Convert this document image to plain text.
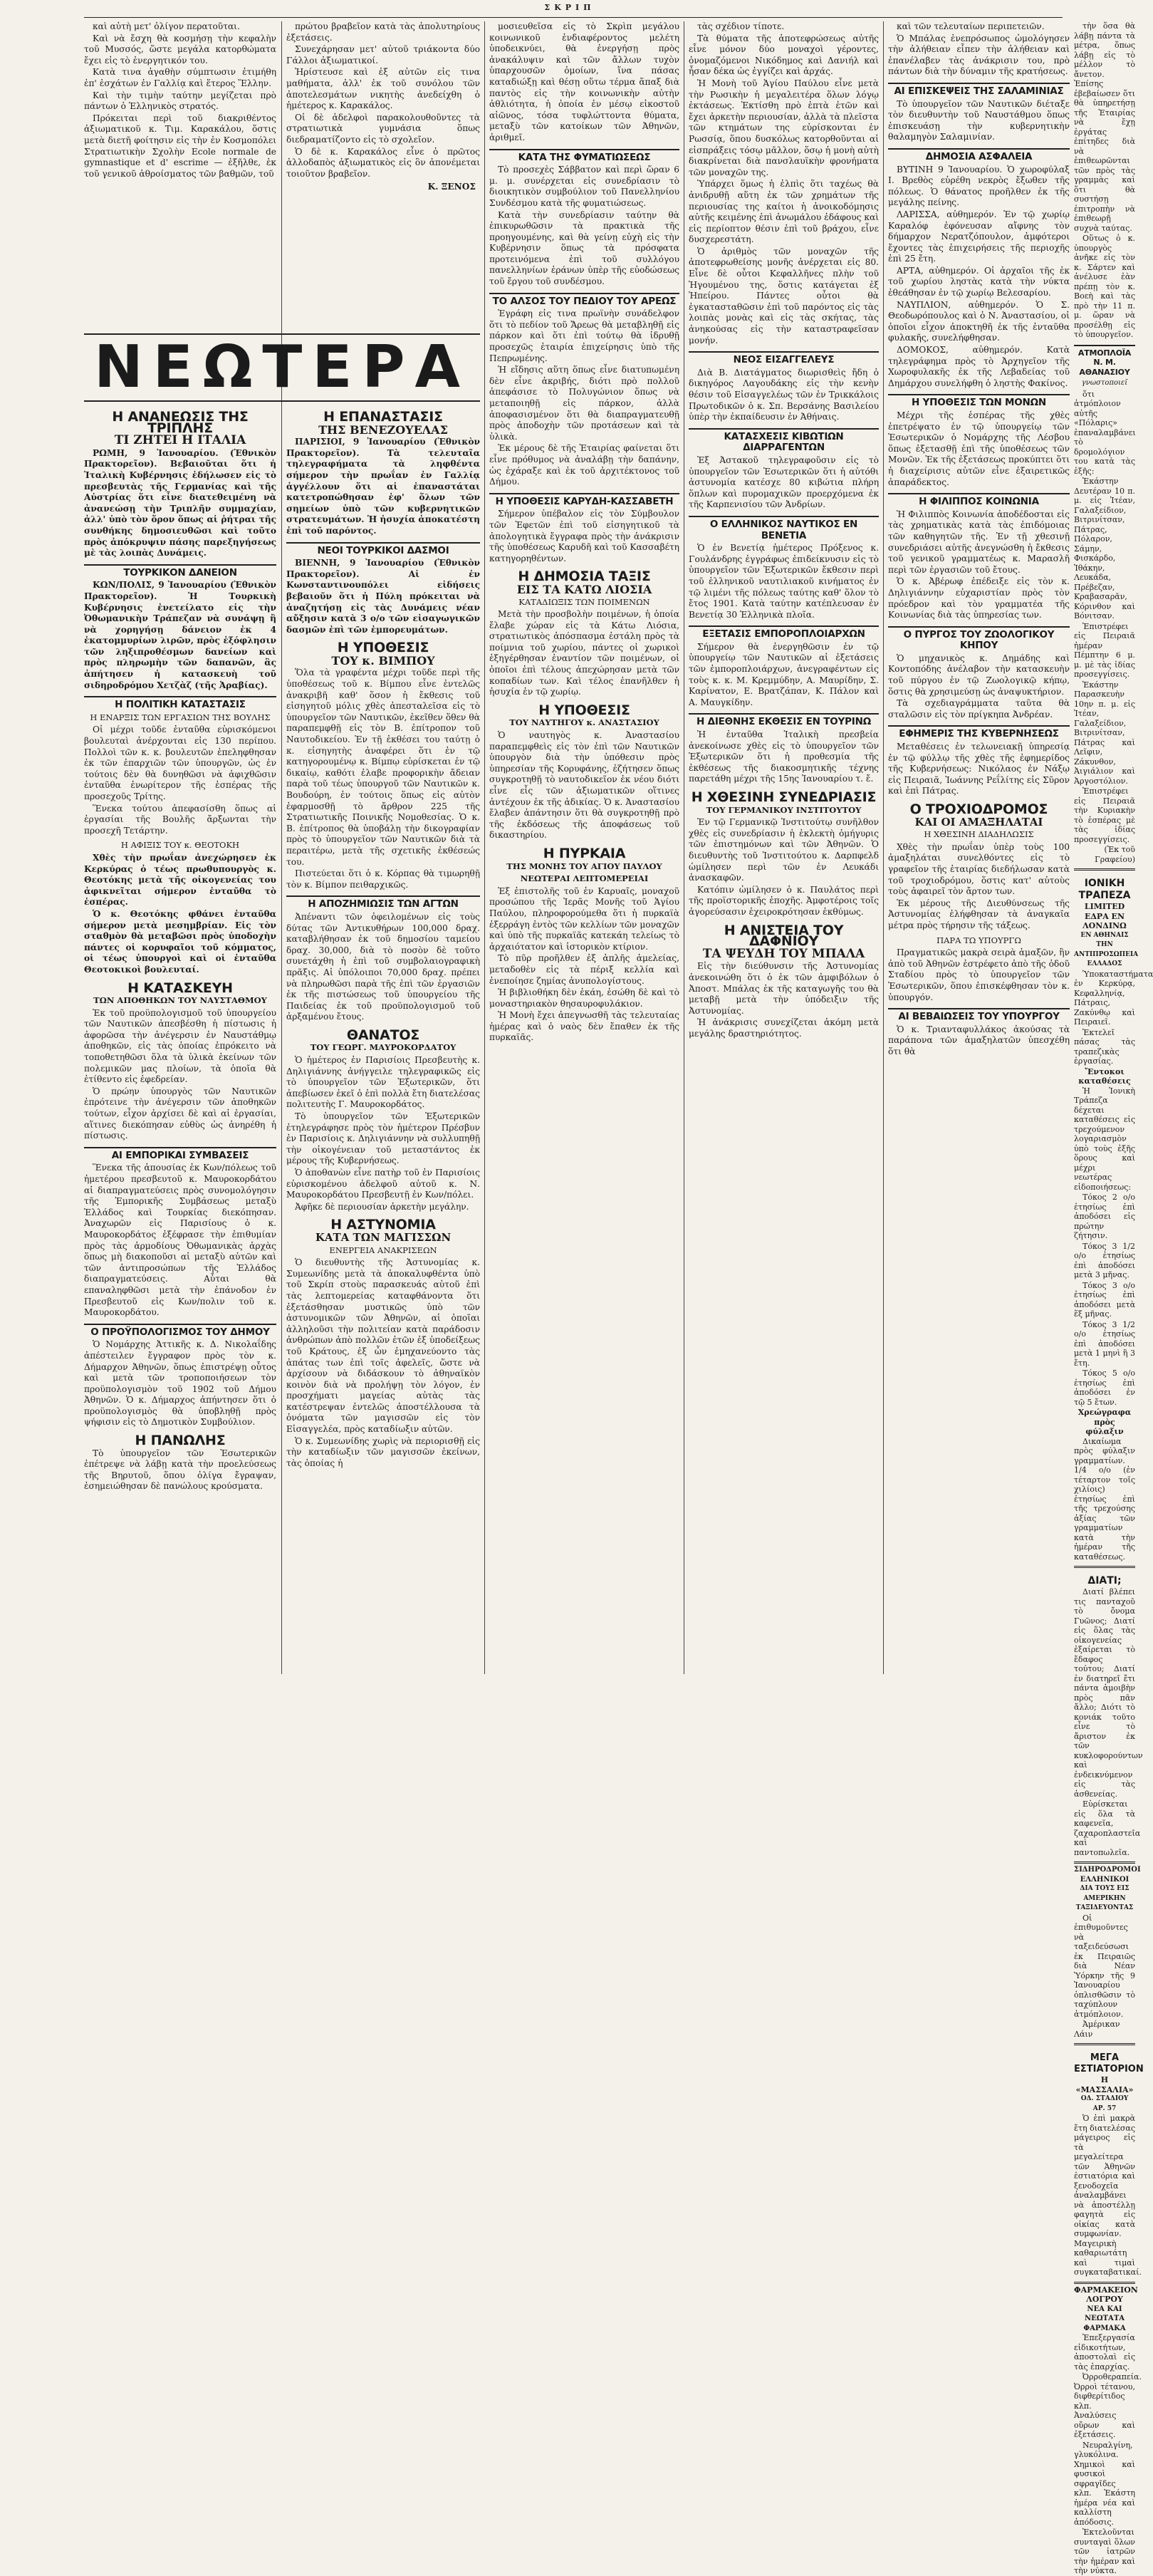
ΣΚΡΙΠ

καὶ αὐτὴ μετ' ὀλίγον περατοῦται.

Καὶ νὰ ἔσχη θὰ κοσμήσῃ τὴν κεφαλὴν τοῦ Μυσσός, ὥστε μεγάλα κατορθώματα ἔχει εἰς τὸ ἐνεργητικόν του.

Κατὰ τινα ἀγαθὴν σύμπτωσιν ἐτιμήθη ἐπ' ἐσχάτων ἐν Γαλλίᾳ καὶ ἕτερος Ἕλλην.

Καὶ τὴν τιμὴν ταύτην μεγίζεται πρὸ πάντων ὁ Ἑλληνικὸς στρατός.

Πρόκειται περὶ τοῦ διακριθέντος ἀξιωματικοῦ κ. Τιμ. Καρακάλου, ὅστις μετὰ διετῆ φοίτησιν εἰς τὴν ἐν Κοσμοπόλει Στρατιωτικὴν Σχολὴν Ecole normale de gymnastique et d' escrime — ἐξῆλθε, ἐκ τοῦ γενικοῦ ἀθροίσματος τῶν βαθμῶν, τοῦ

πρώτου βραβεῖον κατὰ τὰς ἀπολυτηρίους ἐξετάσεις.

Συνεχάρησαν μετ' αὐτοῦ τριάκοντα δύο Γάλλοι ἀξιωματικοί.

Ἠρίστευσε καὶ ἐξ αὐτῶν εἰς τινα μαθήματα, ἀλλ' ἐκ τοῦ συνόλου τῶν ἀποτελεσμάτων νικητὴς ἀνεδείχθη ὁ ἡμέτερος κ. Καρακάλος.

Οἱ δὲ ἀδελφοὶ παρακολουθοῦντες τὰ στρατιωτικὰ γυμνάσια ὅπως διεδραματίζοντο εἰς τὸ σχολεῖον.

Ὁ δὲ κ. Καρακάλος εἶνε ὁ πρῶτος ἀλλοδαπὸς ἀξιωματικὸς εἰς ὃν ἀπονέμεται τοιοῦτον βραβεῖον.

Κ. ΞΕΝΟΣ
ΝΕΩΤΕΡΑ
Η ΑΝΑΝΕΩΣΙΣ ΤΗΣ ΤΡΙΠΛΗΣ
ΤΙ ΖΗΤΕΙ Η ΙΤΑΛΙΑ

ΡΩΜΗ, 9 Ἰανουαρίου. (Ἐθνικὸν Πρακτορεῖον). Βεβαιοῦται ὅτι ἡ Ἰταλικὴ Κυβέρνησις ἐδήλωσεν εἰς τὸ πρεσβευτὰς τῆς Γερμανίας καὶ τῆς Αὐστρίας ὅτι εἶνε διατεθειμένη νὰ ἀνανεώσῃ τὴν Τριπλῆν συμμαχίαν, ἀλλ' ὑπὸ τὸν ὅρον ὅπως αἱ ῥήτραι τῆς συνθήκης δημοσιευθῶσι καὶ τοῦτο πρὸς ἀπόκρυψιν πάσης παρεξηγήσεως μὲ τὰς λοιπὰς Δυνάμεις.

ΤΟΥΡΚΙΚΟΝ ΔΑΝΕΙΟΝ

ΚΩΝ/ΠΟΛΙΣ, 9 Ἰανουαρίου (Ἐθνικὸν Πρακτορεῖον). Ἡ Τουρκικὴ Κυβέρνησις ἐνετείλατο εἰς τὴν Ὀθωμανικὴν Τράπεζαν νὰ συνάψῃ ἢ νὰ χορηγήσῃ δάνειον ἐκ 4 ἑκατομμυρίων λιρῶν, πρὸς ἐξόφλησιν τῶν ληξιπροθέσμων δανείων καὶ πρὸς πληρωμὴν τῶν δαπανῶν, ἃς ἀπήτησεν ἡ κατασκευὴ τοῦ σιδηροδρόμου Χετζὰζ (τῆς Ἀραβίας).

Η ΠΟΛΙΤΙΚΗ ΚΑΤΑΣΤΑΣΙΣ
Η ΕΝΑΡΞΙΣ ΤΩΝ ΕΡΓΑΣΙΩΝ ΤΗΣ ΒΟΥΛΗΣ

Οἱ μέχρι τοῦδε ἐνταῦθα εὑρισκόμενοι βουλευταὶ ἀνέρχονται εἰς 130 περίπου. Πολλοὶ τῶν κ. κ. βουλευτῶν ἐπεληφθησαν ἐκ τῶν ἐπαρχιῶν τῶν ὑπουργῶν, ὡς ἐν τούτοις δὲν θὰ δυνηθῶσι νὰ ἀφιχθῶσιν ἐνταῦθα ἐνωρίτερον τῆς ἑσπέρας τῆς προσεχοῦς Τρίτης.

Ἕνεκα τούτου ἀπεφασίσθη ὅπως αἱ ἐργασίαι τῆς Βουλῆς ἄρξωνται τὴν προσεχῆ Τετάρτην.

Η ΑΦΙΞΙΣ ΤΟΥ κ. ΘΕΟΤΟΚΗ

Χθὲς τὴν πρωΐαν ἀνεχώρησεν ἐκ Κερκύρας ὁ τέως πρωθυπουργὸς κ. Θεοτόκης μετὰ τῆς οἰκογενείας του ἀφικνεῖται σήμερον ἐνταῦθα τὸ ἑσπέρας.

Ὁ κ. Θεοτόκης φθάνει ἐνταῦθα σήμερον μετὰ μεσημβρίαν. Εἰς τὸν σταθμὸν θὰ μεταβῶσι πρὸς ὑποδοχὴν πάντες οἱ κορυφαῖοι τοῦ κόμματος, οἱ τέως ὑπουργοὶ καὶ οἱ ἐνταῦθα Θεοτοκικοὶ βουλευταί.

Η ΚΑΤΑΣΚΕΥΗ
ΤΩΝ ΑΠΟΘΗΚΩΝ ΤΟΥ ΝΑΥΣΤΑΘΜΟΥ

Ἐκ τοῦ προϋπολογισμοῦ τοῦ ὑπουργείου τῶν Ναυτικῶν ἀπεσβέσθη ἡ πίστωσις ἡ ἀφορῶσα τὴν ἀνέγερσιν ἐν Ναυστάθμῳ ἀποθηκῶν, εἰς τὰς ὁποίας ἐπρόκειτο νὰ τοποθετηθῶσι ὅλα τὰ ὑλικὰ ἐκείνων τῶν πολεμικῶν μας πλοίων, τὰ ὁποῖα θὰ ἐτίθεντο εἰς ἐφεδρείαν.

Ὁ πρώην ὑπουργὸς τῶν Ναυτικῶν ἐπρότεινε τὴν ἀνέγερσιν τῶν ἀποθηκῶν τούτων, εἶχον ἀρχίσει δὲ καὶ αἱ ἐργασίαι, αἵτινες διεκόπησαν εὐθὺς ὡς ἀνηρέθη ἡ πίστωσις.

ΑΙ ΕΜΠΟΡΙΚΑΙ ΣΥΜΒΑΣΕΙΣ

Ἕνεκα τῆς ἀπουσίας ἐκ Κων/πόλεως τοῦ ἡμετέρου πρεσβευτοῦ κ. Μαυροκορδάτου αἱ διαπραγματεύσεις πρὸς συνομολόγησιν τῆς Ἐμπορικῆς Συμβάσεως μεταξὺ Ἑλλάδος καὶ Τουρκίας διεκόπησαν. Ἀναχωρῶν εἰς Παρισίους ὁ κ. Μαυροκορδάτος ἐξέφρασε τὴν ἐπιθυμίαν πρὸς τὰς ἁρμοδίους Ὀθωμανικὰς ἀρχὰς ὅπως μὴ διακοποῦσι αἱ μεταξὺ αὐτῶν καὶ τῶν ἀντιπροσώπων τῆς Ἑλλάδος διαπραγματεύσεις. Αὗται θὰ επαναληφθῶσι μετὰ τὴν ἐπάνοδον ἐν Πρεσβευτοῦ εἰς Κων/πολιν τοῦ κ. Μαυροκορδάτου.

Ο ΠΡΟΫΠΟΛΟΓΙΣΜΟΣ ΤΟΥ ΔΗΜΟΥ

Ὁ Νομάρχης Ἀττικῆς κ. Δ. Νικολαΐδης ἀπέστειλεν ἔγγραφον πρὸς τὸν κ. Δήμαρχον Ἀθηνῶν, ὅπως ἐπιστρέψῃ οὗτος καὶ μετὰ τῶν τροποποιήσεων τὸν προϋπολογισμὸν τοῦ 1902 τοῦ Δήμου Ἀθηνῶν. Ὁ κ. Δήμαρχος ἀπήντησεν ὅτι ὁ προϋπολογισμὸς θὰ ὑποβληθῇ πρὸς ψήφισιν εἰς τὸ Δημοτικὸν Συμβούλιον.

Η ΠΑΝΩΛΗΣ

Τὸ ὑπουργεῖον τῶν Ἐσωτερικῶν ἐπέτρεψε νὰ λάβῃ κατὰ τὴν προελεύσεως τῆς Βηρυτοῦ, ὅπου ὀλίγα ἔγραψαν, ἐσημειώθησαν δὲ πανώλους κρούσματα.

Η ΕΠΑΝΑΣΤΑΣΙΣ
ΤΗΣ ΒΕΝΕΖΟΥΕΛΑΣ

ΠΑΡΙΣΙΟΙ, 9 Ἰανουαρίου (Ἐθνικὸν Πρακτορεῖον). Τὰ τελευταῖα τηλεγραφήματα τὰ ληφθέντα σήμερον τὴν πρωΐαν ἐν Γαλλίᾳ ἀγγέλλουν ὅτι αἱ ἐπαναστάται κατετροπώθησαν ἐφ' ὅλων τῶν σημείων ὑπὸ τῶν κυβερνητικῶν στρατευμάτων. Ἡ ἡσυχία ἀποκατέστη ἐπὶ τοῦ παρόντος.

ΝΕΟΙ ΤΟΥΡΚΙΚΟΙ ΔΑΣΜΟΙ

ΒΙΕΝΝΗ, 9 Ἰανουαρίου (Ἐθνικὸν Πρακτορεῖον). Αἱ ἐν Κωνσταντινουπόλει εἰδήσεις βεβαιοῦν ὅτι ἡ Πύλη πρόκειται νὰ ἀναζητήσῃ εἰς τὰς Δυνάμεις νέαν αὔξησιν κατὰ 3 ο/ο τῶν εἰσαγωγικῶν δασμῶν ἐπὶ τῶν ἐμπορευμάτων.

Η ΥΠΟΘΕΣΙΣ
ΤΟΥ κ. ΒΙΜΠΟΥ

Ὅλα τὰ γραφέντα μέχρι τοῦδε περὶ τῆς ὑποθέσεως τοῦ κ. Βίμπου εἶνε ἐντελῶς ἀνακριβῆ καθ' ὅσον ἡ ἔκθεσις τοῦ εἰσηγητοῦ μόλις χθὲς ἀπεσταλεῖσα εἰς τὸ ὑπουργεῖον τῶν Ναυτικῶν, ἐκεῖθεν ὅθεν θὰ παραπεμφθῇ εἰς τὸν Β. ἐπίτροπον τοῦ Ναυτοδικείου. Ἐν τῇ ἐκθέσει του ταύτῃ ὁ κ. εἰσηγητὴς ἀναφέρει ὅτι ἐν τῷ κατηγορουμένῳ κ. Βίμπῳ εὑρίσκεται ἐν τῷ δικαίῳ, καθότι ἐλαβε προφορικὴν ἄδειαν παρὰ τοῦ τέως ὑπουργοῦ τῶν Ναυτικῶν κ. Βουδούρη, ἐν τούτοις ὅπως εἰς αὐτὸν ἐφαρμοσθῇ τὸ ἄρθρον 225 τῆς Στρατιωτικῆς Ποινικῆς Νομοθεσίας. Ὁ κ. Β. ἐπίτροπος θὰ ὑποβάλῃ τὴν δικογραφίαν πρὸς τὸ ὑπουργεῖον τῶν Ναυτικῶν διὰ τὰ περαιτέρω, μετὰ τῆς σχετικῆς ἐκθέσεώς του.

Πιστεύεται ὅτι ὁ κ. Κόρπας θὰ τιμωρηθῇ τὸν κ. Βίμπον πειθαρχικῶς.

Η ΑΠΟΖΗΜΙΩΣΙΣ ΤΩΝ ΑΓΤΩΝ

Ἀπέναντι τῶν ὀφειλομένων εἰς τοὺς δύτας τῶν Ἀντικυθήρων 100,000 δραχ. καταβλήθησαν ἐκ τοῦ δημοσίου ταμείου δραχ. 30,000, διὰ τὸ ποσὸν δὲ τοῦτο συνετάχθη ἡ ἐπὶ τοῦ συμβολαιογραφικὴ πρᾶξις. Αἱ ὑπόλοιποι 70,000 δραχ. πρέπει νὰ πληρωθῶσι παρὰ τῆς ἐπὶ τῶν ἐργασιῶν ἐκ τῆς πιστώσεως τοῦ ὑπουργείου τῆς Παιδείας ἐκ τοῦ προϋπολογισμοῦ τοῦ ἀρξαμένου ἔτους.

ΘΑΝΑΤΟΣ
ΤΟΥ ΓΕΩΡΓ. ΜΑΥΡΟΚΟΡΔΑΤΟΥ

Ὁ ἡμέτερος ἐν Παρισίοις Πρεσβευτὴς κ. Δηλιγιάννης ἀνήγγειλε τηλεγραφικῶς εἰς τὸ ὑπουργεῖον τῶν Ἐξωτερικῶν, ὅτι ἀπεβίωσεν ἐκεῖ ὁ ἐπὶ πολλὰ ἔτη διατελέσας πολιτευτὴς Γ. Μαυροκορδάτος.

Τὸ ὑπουργεῖον τῶν Ἐξωτερικῶν ἐτηλεγράφησε πρὸς τὸν ἡμέτερον Πρέσβυν ἐν Παρισίοις κ. Δηλιγιάννην νὰ συλλυπηθῇ τὴν οἰκογένειαν τοῦ μεταστάντος ἐκ μέρους τῆς Κυβερνήσεως.

Ὁ ἀποθανὼν εἶνε πατὴρ τοῦ ἐν Παρισίοις εὑρισκομένου ἀδελφοῦ αὐτοῦ κ. Ν. Μαυροκορδάτου Πρεσβευτῇ ἐν Κων/πόλει.

Ἀφῆκε δὲ περιουσίαν ἀρκετὴν μεγάλην.

Η ΑΣΤΥΝΟΜΙΑ
ΚΑΤΑ ΤΩΝ ΜΑΓΙΣΣΩΝ
ΕΝΕΡΓΕΙΑ ΑΝΑΚΡΙΣΕΩΝ

Ὁ διευθυντὴς τῆς Ἀστυνομίας κ. Συμεωνίδης μετὰ τὰ ἀποκαλυφθέντα ὑπὸ τοῦ Σκρίπ στοὺς παρασκευάς αὐτοῦ ἐπὶ τὰς λεπτομερείας καταφθάνοντα ὅτι ἐξετάσθησαν μυστικῶς ὑπὸ τῶν ἀστυνομικῶν τῶν Ἀθηνῶν, αἱ ὁποῖαι ἀλληλοῦσι τὴν πολιτείαν κατὰ παράδοσιν ἀνθρώπων ἀπὸ πολλῶν ἐτῶν ἐξ ὑποδείξεως τοῦ Κράτους, ἐξ ὧν ἐμηχανεύοντο τὰς ἀπάτας των ἐπὶ τοῖς ἀφελεῖς, ὥστε νὰ ἀρχίσουν νὰ διδάσκουν τὸ ἀθηναϊκὸν κοινὸν διὰ νὰ προλήψῃ τὸν λόγον, ἐν προσχήματι μαγείας αὐτὰς τὰς κατέστρεψαν ἐντελῶς ἀποστέλλουσα τὰ ὀνόματα τῶν μαγισσῶν εἰς τὸν Εἰσαγγελέα, πρὸς καταδίωξιν αὐτῶν.

Ὁ κ. Συμεωνίδης χωρὶς νὰ περιορισθῇ εἰς τὴν καταδίωξιν τῶν μαγισσῶν ἐκείνων, τὰς ὁποίας ἡ

μοσιευθεῖσα εἰς τὸ Σκρὶπ μεγάλου κοινωνικοῦ ἐνδιαφέροντος μελέτη ὑποδεικνύει, θὰ ἐνεργήσῃ πρὸς ἀνακάλυψιν καὶ τῶν ἄλλων τυχὸν ὑπαρχουσῶν ὁμοίων, ἵνα πάσας καταδιώξῃ καὶ θέσῃ οὕτω τέρμα ἅπαξ διὰ παντὸς εἰς τὴν κοινωνικὴν αὐτὴν ἀθλιότητα, ἡ ὁποία ἐν μέσῳ εἰκοστοῦ αἰῶνος, τόσα τυφλώττοντα θύματα, μεταξὺ τῶν κατοίκων τῶν Ἀθηνῶν, ἀριθμεῖ.

ΚΑΤΑ ΤΗΣ ΦΥΜΑΤΙΩΣΕΩΣ

Τὸ προσεχὲς Σάββατον καὶ περὶ ὥραν 6 μ. μ. συνέρχεται εἰς συνεδρίασιν τὸ διοικητικὸν συμβούλιον τοῦ Πανελληνίου Συνδέσμου κατὰ τῆς φυματιώσεως.

Κατὰ τὴν συνεδρίασιν ταύτην θὰ ἐπικυρωθῶσιν τὰ πρακτικὰ τῆς προηγουμένης, καὶ θὰ γείνῃ εὐχὴ εἰς τὴν Κυβέρνησιν ὅπως τὰ πρόσφατα προτεινόμενα ἐπὶ τοῦ συλλόγου πανελληνίων ἐράνων ὑπὲρ τῆς εὐοδώσεως τοῦ ἔργου τοῦ συνδέσμου.

ΤΟ ΑΛΣΟΣ ΤΟΥ ΠΕΔΙΟΥ ΤΟΥ ΑΡΕΩΣ

Ἐγράφη εἰς τινα πρωϊνὴν συνάδελφον ὅτι τὸ πεδίον τοῦ Ἄρεως θὰ μεταβληθῇ εἰς πάρκον καὶ ὅτι ἐπὶ τούτῳ θὰ ἱδρυθῇ προσεχῶς ἑταιρία ἐπιχείρησις ὑπὸ τῆς Πεπρωμένης.

Ἡ εἴδησις αὕτη ὅπως εἶνε διατυπωμένη δὲν εἶνε ἀκριβής, διότι πρὸ πολλοῦ ἀπεφάσισε τὸ Πολυγώνιον ὅπως νὰ μεταποιηθῇ εἰς πάρκον, ἀλλὰ ἀποφασισμένον ὅτι θὰ διαπραγματευθῇ πρὸς ἀποδοχὴν τῶν προτάσεων καὶ τὰ ὑλικὰ.

Ἐκ μέρους δὲ τῆς Ἑταιρίας φαίνεται ὅτι εἶνε πρόθυμος νὰ ἀναλάβῃ τὴν δαπάνην, ὡς ἐχάραξε καὶ ἐκ τοῦ ἀρχιτέκτονος τοῦ Δήμου.

Η ΥΠΟΘΕΣΙΣ ΚΑΡΥΔΗ-ΚΑΣΣΑΒΕΤΗ

Σήμερον ὑπέβαλον εἰς τὸν Σύμβουλον τῶν Ἐφετῶν ἐπὶ τοῦ εἰσηγητικοῦ τὰ ἀπολογητικὰ ἔγγραφα πρὸς τὴν ἀνάκρισιν τῆς ὑποθέσεως Καρυδῆ καὶ τοῦ Κασσαβέτη κατηγορηθέντων.

Η ΔΗΜΟΣΙΑ ΤΑΞΙΣ
ΕΙΣ ΤΑ ΚΑΤΩ ΛΙΟΣΙΑ
ΚΑΤΑΔΙΩΞΙΣ ΤΩΝ ΠΟΙΜΕΝΩΝ

Μετὰ τὴν προσβολὴν ποιμένων, ἡ ὁποία ἔλαβε χώραν εἰς τὰ Κάτω Λιόσια, στρατιωτικὸς ἀπόσπασμα ἐστάλη πρὸς τὰ ποίμνια τοῦ χωρίου, πάντες οἱ χωρικοὶ ἐξηγέρθησαν ἐναντίον τῶν ποιμένων, οἱ ὁποῖοι ἐπὶ τέλους ἀπεχώρησαν μετὰ τῶν κοπαδίων των. Καὶ τέλος ἐπανῆλθεν ἡ ἡσυχία ἐν τῷ χωρίῳ.

Η ΥΠΟΘΕΣΙΣ
ΤΟΥ ΝΑΥΤΗΓΟΥ κ. ΑΝΑΣΤΑΣΙΟΥ

Ὁ ναυτηγὸς κ. Ἀναστασίου παραπεμφθεὶς εἰς τὸν ἐπὶ τῶν Ναυτικῶν ὑπουργὸν διὰ τὴν ὑπόθεσιν πρὸς ὑπηρεσίαν τῆς Κορυφάνης, ἐζήτησεν ὅπως συγκροτηθῇ τὸ ναυτοδικεῖον ἐκ νέου διότι εἶνε εἷς τῶν ἀξιωματικῶν οἵτινες ἀντέχουν ἐκ τῆς ἀδικίας. Ὁ κ. Ἀναστασίου ἔλαβεν ἀπάντησιν ὅτι θὰ συγκροτηθῇ πρὸ τῆς ἐκδόσεως τῆς ἀποφάσεως τοῦ δικαστηρίου.

Η ΠΥΡΚΑΙΑ
ΤΗΣ ΜΟΝΗΣ ΤΟΥ ΑΓΙΟΥ ΠΑΥΛΟΥ
ΝΕΩΤΕΡΑΙ ΛΕΠΤΟΜΕΡΕΙΑΙ

Ἐξ ἐπιστολῆς τοῦ ἐν Καρυαῖς, μοναχοῦ προσώπου τῆς Ἱερᾶς Μονῆς τοῦ Ἁγίου Παύλου, πληροφορούμεθα ὅτι ἡ πυρκαϊὰ ἐξερράγη ἐντὸς τῶν κελλίων τῶν μοναχῶν καὶ ὑπὸ τῆς πυρκαϊᾶς κατεκάη τελείως τὸ ἀρχαιότατον καὶ ἱστορικὸν κτίριον.

Τὸ πῦρ προῆλθεν ἐξ ἀπλῆς ἀμελείας, μεταδοθὲν εἰς τὰ πέριξ κελλία καὶ ἐνεποίησε ζημίας ἀνυπολογίστους.

Ἡ βιβλιοθήκη δὲν ἐκάη, ἐσώθη δὲ καὶ τὸ μοναστηριακὸν θησαυροφυλάκιον.

Ἡ Μονὴ ἔχει ἀπεγνωσθῆ τὰς τελευταίας ἡμέρας καὶ ὁ ναὸς δὲν ἔπαθεν ἐκ τῆς πυρκαϊᾶς.

τὰς σχέδιον τίποτε.

Τὰ θύματα τῆς ἀποτεφρώσεως αὐτῆς εἶνε μόνον δύο μοναχοὶ γέροντες, ὀνομαζόμενοι Νικόδημος καὶ Δανιήλ καὶ ἦσαν δέκα ὡς ἐγγίζει καὶ ἀρχάς.

Ἡ Μονὴ τοῦ Ἁγίου Παύλου εἶνε μετὰ τὴν Ρωσικὴν ἡ μεγαλειτέρα ὅλων λόγῳ ἐκτάσεως. Ἐκτίσθη πρὸ ἑπτὰ ἐτῶν καὶ ἔχει ἀρκετὴν περιουσίαν, ἀλλὰ τὰ πλεῖστα τῶν κτημάτων της εὑρίσκονται ἐν Ρωσσίᾳ, ὅπου δυσκόλως κατορθοῦνται αἱ εἰσπράξεις τόσῳ μᾶλλον, ὅσῳ ἡ μονὴ αὐτὴ διακρίνεται διὰ πανσλαυϊκὴν φρονήματα τῶν μοναχῶν της.

Ὑπάρχει ὅμως ἡ ἐλπὶς ὅτι ταχέως θὰ ἀνιδρυθῇ αὕτη ἐκ τῶν χρημάτων τῆς περιουσίας της καίτοι ἡ ἀνοικοδόμησις αὐτῆς κειμένης ἐπὶ ἀνωμάλου ἐδάφους καὶ εἰς περίοπτον θέσιν ἐπὶ τοῦ βράχου, εἶνε δυσχερεστάτη.

Ὁ ἀριθμὸς τῶν μοναχῶν τῆς ἀποτεφρωθείσης μονῆς ἀνέρχεται εἰς 80. Εἶνε δὲ οὗτοι Κεφαλλῆνες πλὴν τοῦ Ἡγουμένου της, ὅστις κατάγεται ἐξ Ἠπείρου. Πάντες οὗτοι θὰ ἐγκατασταθῶσιν ἐπὶ τοῦ παρόντος εἰς τὰς λοιπὰς μονὰς καὶ εἰς τὰς σκήτας, τὰς ἀνηκούσας εἰς τὴν καταστραφεῖσαν μονήν.

ΝΕΟΣ ΕΙΣΑΓΓΕΛΕΥΣ

Διὰ Β. Διατάγματος διωρισθεὶς ἤδη ὁ δικηγόρος Λαγουδάκης εἰς τὴν κενὴν θέσιν τοῦ Εἰσαγγελέως τῶν ἐν Τρικκάλοις Πρωτοδικῶν ὁ κ. Σπ. Βερσάνης Βασιλείου ὑπὲρ τὴν ἐκπαίδευσιν ἐν Ἀθήναις.

ΚΑΤΑΣΧΕΣΙΣ ΚΙΒΩΤΙΩΝ ΔΙΑΡΡΑΓΕΝΤΩΝ

Ἐξ Ἀστακοῦ τηλεγραφοῦσιν εἰς τὸ ὑπουργεῖον τῶν Ἐσωτερικῶν ὅτι ἡ αὐτόθι ἀστυνομία κατέσχε 80 κιβώτια πλήρη ὅπλων καὶ πυρομαχικῶν προερχόμενα ἐκ τῆς Καρπενισίου τῶν Ἀνδρίων.

Ο ΕΛΛΗΝΙΚΟΣ ΝΑΥΤΙΚΟΣ ΕΝ ΒΕΝΕΤΙΑ

Ὁ ἐν Βενετίᾳ ἡμέτερος Πρόξενος κ. Γουλάνδρης ἐγγράφως ἐπιδείκνυσιν εἰς τὸ ὑπουργεῖον τῶν Ἐξωτερικῶν ἔκθεσιν περὶ τοῦ ἑλληνικοῦ ναυτιλιακοῦ κινήματος ἐν τῷ λιμένι τῆς πόλεως ταύτης καθ' ὅλον τὸ ἔτος 1901. Κατὰ ταύτην κατέπλευσαν ἐν Βενετίᾳ 30 Ἑλληνικὰ πλοῖα.

ΕΞΕΤΑΣΙΣ ΕΜΠΟΡΟΠΛΟΙΑΡΧΩΝ

Σήμερον θὰ ἐνεργηθῶσιν ἐν τῷ ὑπουργείῳ τῶν Ναυτικῶν αἱ ἐξετάσεις τῶν ἐμποροπλοιάρχων, ἀνεγραφέντων εἰς τοὺς κ. κ. Μ. Κρεμμύδην, Α. Μαυρίδην, Σ. Καρίνατον, Ε. Βρατζάπαν, Κ. Πάλον καὶ Α. Μαυγκίδην.

Η ΔΙΕΘΝΗΣ ΕΚΘΕΣΙΣ ΕΝ ΤΟΥΡΙΝΩ

Ἡ ἐνταῦθα Ἰταλικὴ πρεσβεία ἀνεκοίνωσε χθὲς εἰς τὸ ὑπουργεῖον τῶν Ἐξωτερικῶν ὅτι ἡ προθεσμία τῆς ἐκθέσεως τῆς διακοσμητικῆς τέχνης παρετάθη μέχρι τῆς 15ης Ἰανουαρίου τ. ἔ.

Η ΧΘΕΣΙΝΗ ΣΥΝΕΔΡΙΑΣΙΣ
ΤΟΥ ΓΕΡΜΑΝΙΚΟΥ ΙΝΣΤΙΤΟΥΤΟΥ

Ἐν τῷ Γερμανικῷ Ἰνστιτούτῳ συνῆλθον χθὲς εἰς συνεδρίασιν ἡ ἐκλεκτὴ ὁμήγυρις τῶν ἐπιστημόνων καὶ τῶν Ἀθηνῶν. Ὁ διευθυντὴς τοῦ Ἰνστιτούτου κ. Δαρπφελδ ὡμίλησεν περὶ τῶν ἐν Λευκάδι ἀνασκαφῶν.

Κατόπιν ὡμίλησεν ὁ κ. Παυλάτος περὶ τῆς προϊστορικῆς ἐποχῆς. Ἀμφοτέροις τοῖς ἀγορεύσασιν ἐχειροκρότησαν ἐκθύμως.

Η ΑΝΙΣΤΕΙΑ ΤΟΥ ΔΑΦΝΙΟΥ
ΤΑ ΨΕΥΔΗ ΤΟΥ ΜΠΑΛΑ

Εἰς τὴν διεύθυνσιν τῆς Ἀστυνομίας ἀνεκοινώθη ὅτι ὁ ἐκ τῶν ἀμφιβόλων ὁ Ἀποστ. Μπάλας ἐκ τῆς καταγωγῆς του θὰ μεταβῇ μετὰ τὴν ὑπόδειξιν τῆς Ἀστυνομίας.

Ἡ ἀνάκρισις συνεχίζεται ἀκόμη μετὰ μεγάλης δραστηριότητος.

καὶ τῶν τελευταίων περιπετειῶν.

Ὁ Μπάλας ἐνεπρόσωπος ὡμολόγησεν τὴν ἀλήθειαν εἶπεν τὴν ἀλήθειαν καὶ ἐπανέλαβεν τὰς ἀνάκρισιν του, πρὸ πάντων διὰ τὴν δύναμιν τῆς κρατήσεως.

ΑΙ ΕΠΙΣΚΕΨΕΙΣ ΤΗΣ ΣΑΛΑΜΙΝΙΑΣ

Τὸ ὑπουργεῖον τῶν Ναυτικῶν διέταξε τὸν διευθυντὴν τοῦ Ναυστάθμου ὅπως ἐπισκευάσῃ τὴν κυβερνητικὴν θαλαμηγὸν Σαλαμινίαν.

ΔΗΜΟΣΙΑ ΑΣΦΑΛΕΙΑ

ΒΥΤΙΝΗ 9 Ἰανουαρίου. Ὁ χωροφύλαξ Ι. Βρεθὸς εὑρέθη νεκρὸς ἔξωθεν τῆς πόλεως. Ὁ θάνατος προῆλθεν ἐκ τῆς μεγάλης πείνης.

ΛΑΡΙΣΣΑ, αὐθημερόν. Ἐν τῷ χωρίῳ Καραλόφ ἐφόνευσαν αἴφνης τὸν δήμαρχον Νερατζόπουλον, ἀμφότεροι ἔχοντες τὰς ἐπιχειρήσεις τῆς περιοχῆς ἐπὶ 25 ἔτη.

ΑΡΤΑ, αὐθημερόν. Οἱ ἀρχαῖοι τῆς ἐκ τοῦ χωρίου ληστὰς κατὰ τὴν νύκτα ἐθεάθησαν ἐν τῷ χωρίῳ Βελεσαρίου.

ΝΑΥΠΛΙΟΝ, αὐθημερόν. Ὁ Σ. Θεοδωρόπουλος καὶ ὁ Ν. Ἀναστασίου, οἱ ὁποῖοι εἶχον ἀποκτηθῆ ἐκ τῆς ἐνταῦθα φυλακῆς, συνελήφθησαν.

ΔΟΜΟΚΟΣ, αὐθημερόν. Κατὰ τηλεγράφημα πρὸς τὸ Ἀρχηγεῖον τῆς Χωροφυλακῆς ἐκ τῆς Λεβαδείας τοῦ Δημάρχου συνελήφθη ὁ ληστὴς Φακίνος.

Η ΥΠΟΘΕΣΙΣ ΤΩΝ ΜΟΝΩΝ

Μέχρι τῆς ἑσπέρας τῆς χθὲς ἐπετρέψατο ἐν τῷ ὑπουργείῳ τῶν Ἐσωτερικῶν ὁ Νομάρχης τῆς Λέσβου ὅπως ἐξετασθῇ ἐπὶ τῆς ὑποθέσεως τῶν Μονῶν. Ἐκ τῆς ἐξετάσεως προκύπτει ὅτι ἡ διαχείρισις αὐτῶν εἶνε ἐξαιρετικῶς ἀπαράδεκτος.

Η ΦΙΛΙΠΠΟΣ ΚΟΙΝΩΝΙΑ

Ἡ Φιλιππὸς Κοινωνία ἀποδέδοσται εἰς τὰς χρηματικὰς κατὰ τὰς ἐπιδόμοιας τῶν καθηγητῶν τῆς. Ἐν τῇ χθεσινῇ συνεδριάσει αὐτῆς ἀνεγνώσθη ἡ ἔκθεσις τοῦ γενικοῦ γραμματέως κ. Μαρασλῆ περὶ τῶν ἐργασιῶν τοῦ ἔτους.

Ὁ κ. Ἀβέρωφ ἐπέδειξε εἰς τὸν κ. Δηλιγιάννην εὐχαριστίαν πρὸς τὸν πρόεδρον καὶ τὸν γραμματέα τῆς Κοινωνίας διὰ τὰς ὑπηρεσίας των.

Ο ΠΥΡΓΟΣ ΤΟΥ ΖΩΟΛΟΓΙΚΟΥ ΚΗΠΟΥ

Ὁ μηχανικὸς κ. Δημάδης καὶ Κοντοπόδης ἀνέλαβον τὴν κατασκευὴν τοῦ πύργου ἐν τῷ Ζωολογικῷ κήπῳ, ὅστις θὰ χρησιμεύσῃ ὡς ἀναψυκτήριον.

Τὰ σχεδιαγράμματα ταῦτα θὰ σταλῶσιν εἰς τὸν πρίγκηπα Ἀνδρέαν.

ΕΦΗΜΕΡΙΣ ΤΗΣ ΚΥΒΕΡΝΗΣΕΩΣ

Μεταθέσεις ἐν τελωνειακῇ ὑπηρεσίᾳ ἐν τῷ φύλλῳ τῆς χθὲς τῆς ἐφημερίδος τῆς Κυβερνήσεως: Νικόλαος ἐν Νάξῳ εἰς Πειραιᾶ, Ἰωάννης Ρεΐλίτης εἰς Σῦρον καὶ ἐπὶ Πάτρας.

Ο ΤΡΟΧΙΟΔΡΟΜΟΣ
ΚΑΙ ΟΙ ΑΜΑΞΗΛΑΤΑΙ
Η ΧΘΕΣΙΝΗ ΔΙΑΔΗΛΩΣΙΣ

Χθὲς τὴν πρωΐαν ὑπὲρ τοὺς 100 ἁμαξηλάται συνελθόντες εἰς τὸ γραφεῖον τῆς ἑταιρίας διεδήλωσαν κατὰ τοῦ τροχιοδρόμου, ὅστις κατ' αὐτοὺς τοὺς ἀφαιρεῖ τὸν ἄρτον των.

Ἐκ μέρους τῆς Διευθύνσεως τῆς Ἀστυνομίας ἐλήφθησαν τὰ ἀναγκαῖα μέτρα πρὸς τήρησιν τῆς τάξεως.

ΠΑΡΑ ΤΩ ΥΠΟΥΡΓΩ

Πραγματικῶς μακρὰ σειρὰ ἀμαξῶν, ἣν ἀπὸ τοῦ Ἀθηνῶν ἐστρέφετο ἀπὸ τῆς ὁδοῦ Σταδίου πρὸς τὸ ὑπουργεῖον τῶν Ἐσωτερικῶν, ὅπου ἐπισκέφθησαν τὸν κ. ὑπουργόν.

ΑΙ ΒΕΒΑΙΩΣΕΙΣ ΤΟΥ ΥΠΟΥΡΓΟΥ

Ὁ κ. Τριανταφυλλάκος ἀκούσας τὰ παράπονα τῶν ἁμαξηλατῶν ὑπεσχέθη ὅτι θὰ

τὴν ὅσα θὰ λάβῃ πάντα τὰ μέτρα, ὅπως λάβῃ εἰς τὸ μέλλον τὸ ἄνετον. Ἐπίσης ἐβεβαίωσεν ὅτι θὰ ὑπηρετήσῃ τῆς Ἑταιρίας νὰ ἔχῃ ἐργάτας ἐπίτηδες διὰ νὰ ἐπιθεωρῶνται τῶν πρὸς τὰς γραμμὰς καὶ ὅτι θὰ συστήσῃ ἐπιτροπὴν νὰ ἐπιθεωρῇ συχνὰ ταύτας.

Οὕτως ὁ κ. ὑπουργὸς ἀνῆκε εἰς τὸν κ. Σάρτεν καὶ ἀνέλυσε ἐὰν πρέπῃ τὸν κ. Βοεὴ καὶ τὰς πρὸ τὴν 11 π. μ. ὥραν νὰ προσέλθῃ εἰς τὸ ὑπουργεῖον.

ΑΤΜΟΠΛΟΪΑ Ν. Μ. ΑΘΑΝΑΣΙΟΥ
γνωστοποιεῖ

ὅτι ἀτμόπλοιον αὐτῆς «Πόλαρις» ἐπαναλαμβάνει τὸ δρομολόγιον του κατὰ τὰς ἑξῆς:

Ἑκάστην Δευτέραν 10 π. μ. εἰς Ἰτέαν, Γαλαξείδιον, Βιτρινίτσαν, Πάτρας, Πόλαρον, Σάμην, Φισκάρδο, Ἰθάκην, Λευκάδα, Πρέβεζαν, Κραβασαρᾶν, Κόρινθον καὶ Βόνιτσαν.

Ἐπιστρέφει εἰς Πειραιᾶ ἡμέραν Πέμπτην 6 μ. μ. μὲ τὰς ἰδίας προσεγγίσεις.

Ἑκάστην Παρασκευὴν 10ην π. μ. εἰς Ἰτέαν, Γαλαξείδιον, Βιτρινίτσαν, Πάτρας καὶ Λεῖφιν, Ζάκυνθον, Ἀιγιάλιον καὶ Ἀργοστόλιον.

Ἐπιστρέφει εἰς Πειραιᾶ τὴν Κυριακὴν τὸ ἑσπέρας μὲ τὰς ἰδίας προσεγγίσεις.

(Ἐκ τοῦ Γραφείου)

ΙΟΝΙΚΗ ΤΡΑΠΕΖΑ
LIMITED
ΕΔΡΑ ΕΝ ΛΟΝΔΙΝΩ
ΕΝ ΑΘΗΝΑΙΣ ΤΗΝ ΑΝΤΙΠΡΟΣΩΠΕΙΑ ΕΛΛΑΔΟΣ

Ὑποκαταστήματα ἐν Κερκύρᾳ, Κεφαλληνίᾳ, Πάτραις, Ζακύνθῳ καὶ Πειραιεῖ.

Ἐκτελεῖ πάσας τὰς τραπεζικὰς ἐργασίας.

Ἔντοκοι καταθέσεις

Ἡ Ἰονικὴ Τράπεζα δέχεται καταθέσεις εἰς τρεχούμενον λογαριασμὸν ὑπὸ τοὺς ἐξῆς ὅρους καὶ μέχρι νεωτέρας εἰδοποιήσεως:

Τόκος 2 ο/ο ἐτησίως ἐπὶ ἀποδόσει εἰς πρώτην ζήτησιν.

Τόκος 3 1/2 ο/ο ἐτησίως ἐπὶ ἀποδόσει μετὰ 3 μῆνας.

Τόκος 3 ο/ο ἐτησίως ἐπὶ ἀποδόσει μετὰ ἕξ μῆνας.

Τόκος 3 1/2 ο/ο ἐτησίως ἐπὶ ἀποδόσει μετὰ 1 μηνὶ ἢ 3 ἔτη.

Τόκος 5 ο/ο ἐτησίως ἐπὶ ἀποδόσει ἐν τῷ 5 ἔτων.

Χρεώγραφα πρὸς φύλαξιν

Δικαίωμα πρὸς φύλαξιν γραμματίων. 1/4 ο/ο (ἐν τέταρτον τοῖς χιλίοις) ἐτησίως ἐπὶ τῆς τρεχούσης ἀξίας τῶν γραμματίων κατὰ τὴν ἡμέραν τῆς καταθέσεως.

ΔΙΑΤΙ;

Διατί βλέπει τις πανταχοῦ τὸ ὄνομα Γυῶνος; Διατί εἰς ὅλας τὰς οἰκογενείας ἐξαίρεται τὸ ἔδαφος τούτου; Διατί ἐν διατηρεῖ ἔτι πάντα ἀμοιβὴν πρὸς πᾶν ἄλλο; Διότι τὸ κονιάκ τοῦτο εἶνε τὸ ἄριστον ἐκ τῶν κυκλοφορούντων καὶ ἐνδεικνύμενον εἰς τὰς ἀσθενείας.

Εὑρίσκεται εἰς ὅλα τὰ καφενεῖα, ζαχαροπλαστεῖα καὶ παντοπωλεῖα.

ΣΙΔΗΡΟΔΡΟΜΟΙ ΕΛΛΗΝΙΚΟΙ
ΔΙΑ ΤΟΥΣ ΕΙΣ ΑΜΕΡΙΚΗΝ ΤΑΞΙΔΕΥΟΝΤΑΣ

Οἱ ἐπιθυμοῦντες νὰ ταξειδεύσωσι ἐκ Πειραιῶς διὰ Νέαν Ὑόρκην τῆς 9 Ἰανουαρίου ὁπλισθῶσιν τὸ ταχύπλουν ἀτμόπλοιον.

Ἀμέρικαν Λάιν

ΜΕΓΑ ΕΣΤΙΑΤΟΡΙΟΝ
Η «ΜΑΣΣΑΛΙΑ»
ΟΔ. ΣΤΑΔΙΟΥ ΑΡ. 57

Ὁ ἐπὶ μακρὰ ἔτη διατελέσας μάγειρος εἰς τὰ μεγαλείτερα τῶν Ἀθηνῶν ἐστιατόρια καὶ ξενοδοχεῖα ἀναλαμβάνει νὰ ἀποστέλλῃ φαγητὰ εἰς οἰκίας κατὰ συμφωνίαν. Μαγειρικὴ καθαριωτάτη καὶ τιμαὶ συγκαταβατικαί.

ΦΑΡΜΑΚΕΙΟΝ ΛΟΓΡΟΥ
ΝΕΑ ΚΑΙ ΝΕΩΤΑΤΑ ΦΑΡΜΑΚΑ

Ἐπεξεργασία εἰδικοτήτων, ἀποστολαὶ εἰς τὰς ἐπαρχίας.

Ὀρροθεραπεία. Ὀρροὶ τέτανου, διφθερίτιδος κλπ. Ἀναλύσεις οὔρων καὶ ἐξετάσεις.

Νευραλγίνη, γλυκόλινα. Χημικοὶ καὶ φυσικοὶ σφραγῖδες κλπ. Ἑκάστη ἡμέρα νέα καὶ καλλίστη ἀπόδοσις.

Ἐκτελοῦνται συνταγαὶ ὅλων τῶν ἰατρῶν τὴν ἡμέραν καὶ τὴν νύκτα.
